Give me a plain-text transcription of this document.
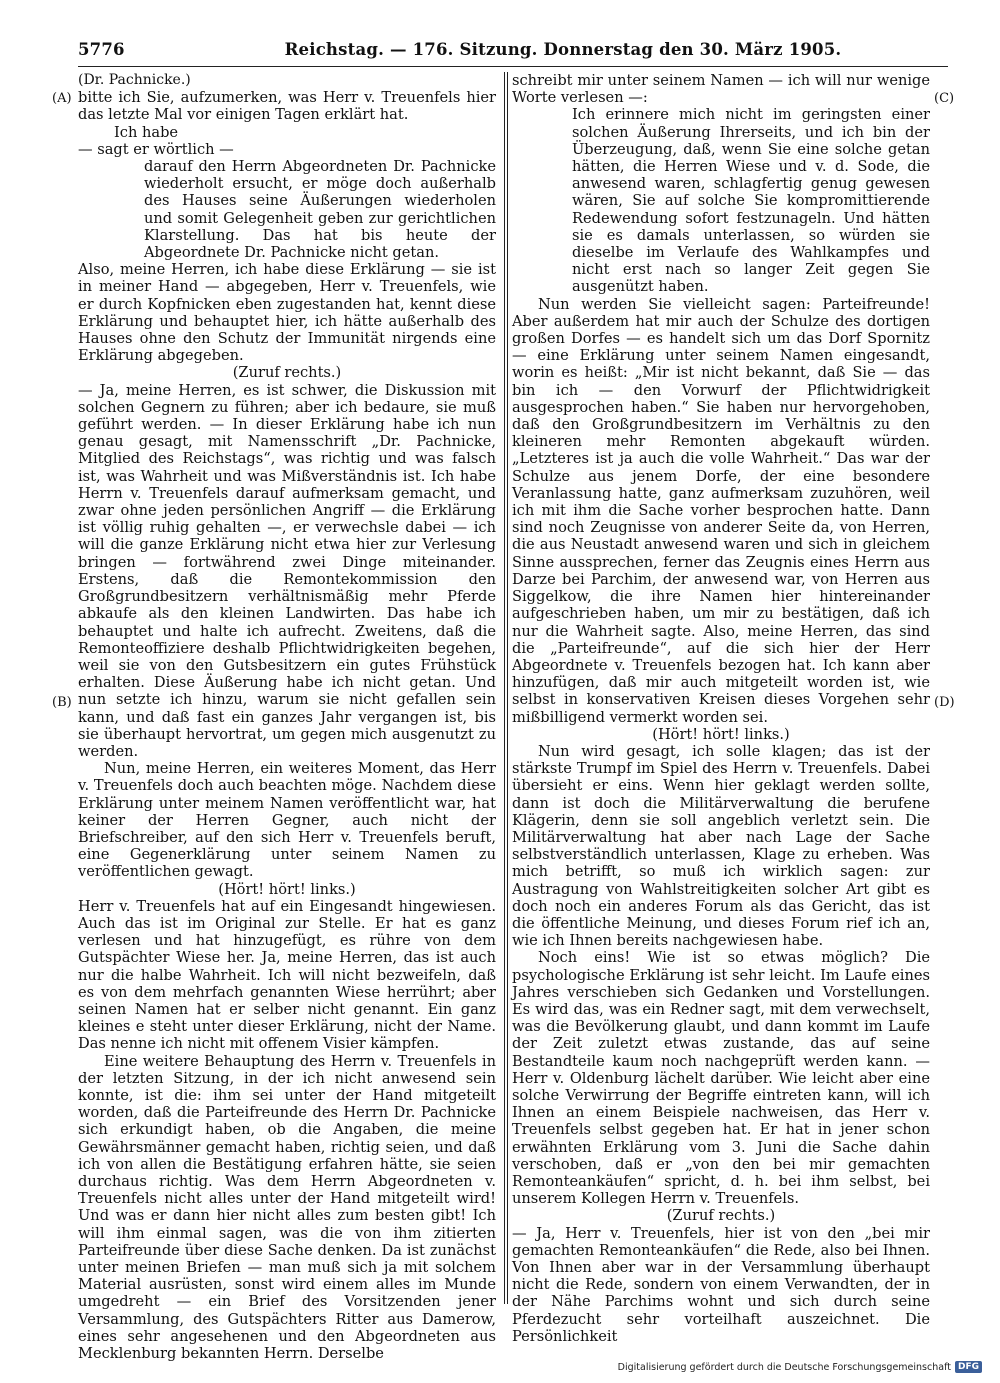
5776	Reichstag. — 176. Sitzung. Donnerstag den 30. März 1905.
(A)
(B)
(C)
(D)

(Dr. Pachnicke.)

bitte ich Sie, aufzumerken, was Herr v. Treuenfels hier das letzte Mal vor einigen Tagen erklärt hat.

Ich habe

— sagt er wörtlich —

darauf den Herrn Abgeordneten Dr. Pachnicke wiederholt ersucht, er möge doch außerhalb des Hauses seine Äußerungen wiederholen und somit Gelegenheit geben zur gerichtlichen Klarstellung. Das hat bis heute der Abgeordnete Dr. Pachnicke nicht getan.

Also, meine Herren, ich habe diese Erklärung — sie ist in meiner Hand — abgegeben, Herr v. Treuenfels, wie er durch Kopfnicken eben zugestanden hat, kennt diese Erklärung und behauptet hier, ich hätte außerhalb des Hauses ohne den Schutz der Immunität nirgends eine Erklärung abgegeben.

(Zuruf rechts.)

— Ja, meine Herren, es ist schwer, die Diskussion mit solchen Gegnern zu führen; aber ich bedaure, sie muß geführt werden. — In dieser Erklärung habe ich nun genau gesagt, mit Namensschrift „Dr. Pachnicke, Mitglied des Reichstags“, was richtig und was falsch ist, was Wahrheit und was Mißverständnis ist. Ich habe Herrn v. Treuenfels darauf aufmerksam gemacht, und zwar ohne jeden persönlichen Angriff — die Erklärung ist völlig ruhig gehalten —, er verwechsle dabei — ich will die ganze Erklärung nicht etwa hier zur Verlesung bringen — fortwährend zwei Dinge miteinander. Erstens, daß die Remontekommission den Großgrundbesitzern verhältnismäßig mehr Pferde abkaufe als den kleinen Landwirten. Das habe ich behauptet und halte ich aufrecht. Zweitens, daß die Remonteoffiziere deshalb Pflichtwidrigkeiten begehen, weil sie von den Gutsbesitzern ein gutes Frühstück erhalten. Diese Äußerung habe ich nicht getan. Und nun setzte ich hinzu, warum sie nicht gefallen sein kann, und daß fast ein ganzes Jahr vergangen ist, bis sie überhaupt hervortrat, um gegen mich ausgenutzt zu werden.

Nun, meine Herren, ein weiteres Moment, das Herr v. Treuenfels doch auch beachten möge. Nachdem diese Erklärung unter meinem Namen veröffentlicht war, hat keiner der Herren Gegner, auch nicht der Briefschreiber, auf den sich Herr v. Treuenfels beruft, eine Gegenerklärung unter seinem Namen zu veröffentlichen gewagt.

(Hört! hört! links.)

Herr v. Treuenfels hat auf ein Eingesandt hingewiesen. Auch das ist im Original zur Stelle. Er hat es ganz verlesen und hat hinzugefügt, es rühre von dem Gutspächter Wiese her. Ja, meine Herren, das ist auch nur die halbe Wahrheit. Ich will nicht bezweifeln, daß es von dem mehrfach genannten Wiese herrührt; aber seinen Namen hat er selber nicht genannt. Ein ganz kleines e steht unter dieser Erklärung, nicht der Name. Das nenne ich nicht mit offenem Visier kämpfen.

Eine weitere Behauptung des Herrn v. Treuenfels in der letzten Sitzung, in der ich nicht anwesend sein konnte, ist die: ihm sei unter der Hand mitgeteilt worden, daß die Parteifreunde des Herrn Dr. Pachnicke sich erkundigt haben, ob die Angaben, die meine Gewährsmänner gemacht haben, richtig seien, und daß ich von allen die Bestätigung erfahren hätte, sie seien durchaus richtig. Was dem Herrn Abgeordneten v. Treuenfels nicht alles unter der Hand mitgeteilt wird! Und was er dann hier nicht alles zum besten gibt! Ich will ihm einmal sagen, was die von ihm zitierten Parteifreunde über diese Sache denken. Da ist zunächst unter meinen Briefen — man muß sich ja mit solchem Material ausrüsten, sonst wird einem alles im Munde umgedreht — ein Brief des Vorsitzenden jener Versammlung, des Gutspächters Ritter aus Damerow, eines sehr angesehenen und den Abgeordneten aus Mecklenburg bekannten Herrn. Derselbe

schreibt mir unter seinem Namen — ich will nur wenige Worte verlesen —:

Ich erinnere mich nicht im geringsten einer solchen Äußerung Ihrerseits, und ich bin der Überzeugung, daß, wenn Sie eine solche getan hätten, die Herren Wiese und v. d. Sode, die anwesend waren, schlagfertig genug gewesen wären, Sie auf solche Sie kompromittierende Redewendung sofort festzunageln. Und hätten sie es damals unterlassen, so würden sie dieselbe im Verlaufe des Wahlkampfes und nicht erst nach so langer Zeit gegen Sie ausgenützt haben.

Nun werden Sie vielleicht sagen: Parteifreunde! Aber außerdem hat mir auch der Schulze des dortigen großen Dorfes — es handelt sich um das Dorf Spornitz — eine Erklärung unter seinem Namen eingesandt, worin es heißt: „Mir ist nicht bekannt, daß Sie — das bin ich — den Vorwurf der Pflichtwidrigkeit ausgesprochen haben.“ Sie haben nur hervorgehoben, daß den Großgrundbesitzern im Verhältnis zu den kleineren mehr Remonten abgekauft würden. „Letzteres ist ja auch die volle Wahrheit.“ Das war der Schulze aus jenem Dorfe, der eine besondere Veranlassung hatte, ganz aufmerksam zuzuhören, weil ich mit ihm die Sache vorher besprochen hatte. Dann sind noch Zeugnisse von anderer Seite da, von Herren, die aus Neustadt anwesend waren und sich in gleichem Sinne aussprechen, ferner das Zeugnis eines Herrn aus Darze bei Parchim, der anwesend war, von Herren aus Siggelkow, die ihre Namen hier hintereinander aufgeschrieben haben, um mir zu bestätigen, daß ich nur die Wahrheit sagte. Also, meine Herren, das sind die „Parteifreunde“, auf die sich hier der Herr Abgeordnete v. Treuenfels bezogen hat. Ich kann aber hinzufügen, daß mir auch mitgeteilt worden ist, wie selbst in konservativen Kreisen dieses Vorgehen sehr mißbilligend vermerkt worden sei.

(Hört! hört! links.)

Nun wird gesagt, ich solle klagen; das ist der stärkste Trumpf im Spiel des Herrn v. Treuenfels. Dabei übersieht er eins. Wenn hier geklagt werden sollte, dann ist doch die Militärverwaltung die berufene Klägerin, denn sie soll angeblich verletzt sein. Die Militärverwaltung hat aber nach Lage der Sache selbstverständlich unterlassen, Klage zu erheben. Was mich betrifft, so muß ich wirklich sagen: zur Austragung von Wahlstreitigkeiten solcher Art gibt es doch noch ein anderes Forum als das Gericht, das ist die öffentliche Meinung, und dieses Forum rief ich an, wie ich Ihnen bereits nachgewiesen habe.

Noch eins! Wie ist so etwas möglich? Die psychologische Erklärung ist sehr leicht. Im Laufe eines Jahres verschieben sich Gedanken und Vorstellungen. Es wird das, was ein Redner sagt, mit dem verwechselt, was die Bevölkerung glaubt, und dann kommt im Laufe der Zeit zuletzt etwas zustande, das auf seine Bestandteile kaum noch nachgeprüft werden kann. — Herr v. Oldenburg lächelt darüber. Wie leicht aber eine solche Verwirrung der Begriffe eintreten kann, will ich Ihnen an einem Beispiele nachweisen, das Herr v. Treuenfels selbst gegeben hat. Er hat in jener schon erwähnten Erklärung vom 3. Juni die Sache dahin verschoben, daß er „von den bei mir gemachten Remonteankäufen“ spricht, d. h. bei ihm selbst, bei unserem Kollegen Herrn v. Treuenfels.

(Zuruf rechts.)

— Ja, Herr v. Treuenfels, hier ist von den „bei mir gemachten Remonteankäufen“ die Rede, also bei Ihnen. Von Ihnen aber war in der Versammlung überhaupt nicht die Rede, sondern von einem Verwandten, der in der Nähe Parchims wohnt und sich durch seine Pferdezucht sehr vorteilhaft auszeichnet. Die Persönlichkeit

Digitalisierung gefördert durch die Deutsche Forschungsgemeinschaft DFG
